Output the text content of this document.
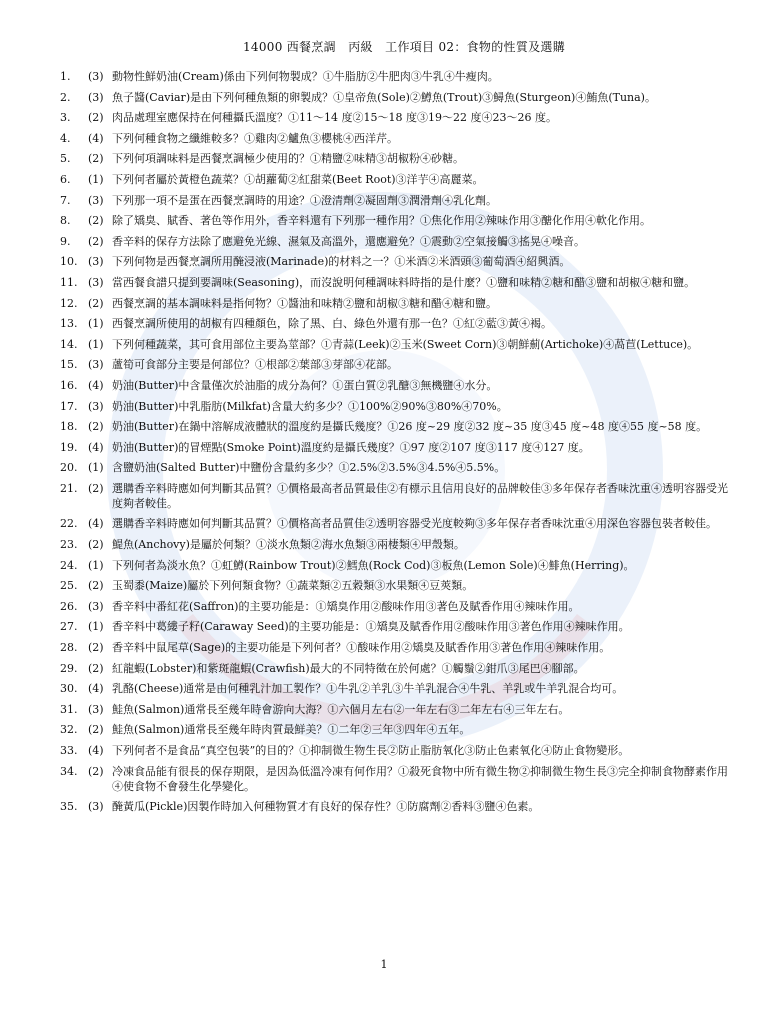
14000 西餐烹調　丙級　工作項目 02：食物的性質及選購
1.	(3) 動物性鮮奶油(Cream)係由下列何物製成？①牛脂肪②牛肥肉③牛乳④牛瘦肉。
2.	(3) 魚子醬(Caviar)是由下列何種魚類的卵製成？①皇帝魚(Sole)②鱒魚(Trout)③鱘魚(Sturgeon)④鮪魚(Tuna)。
3.	(2) 肉品處理室應保持在何種攝氏溫度？①11～14 度②15～18 度③19～22 度④23～26 度。
4.	(4) 下列何種食物之纖維較多？①雞肉②鱸魚③櫻桃④西洋芹。
5.	(2) 下列何項調味料是西餐烹調極少使用的？①精鹽②味精③胡椒粉④砂糖。
6.	(1) 下列何者屬於黃橙色蔬菜？①胡蘿蔔②紅甜菜(Beet Root)③洋芋④高麗菜。
7.	(3) 下列那一項不是蛋在西餐烹調時的用途？①澄清劑②凝固劑③潤滑劑④乳化劑。
8.	(2) 除了矯臭、賦香、著色等作用外，香辛料還有下列那一種作用？①焦化作用②辣味作用③醣化作用④軟化作用。
9.	(2) 香辛料的保存方法除了應避免光線、濕氣及高溫外，還應避免？①震動②空氣接觸③搖晃④噪音。
10. (3) 下列何物是西餐烹調所用醃浸液(Marinade)的材料之一？①米酒②米酒頭③葡萄酒④紹興酒。
11. (3) 當西餐食譜只提到要調味(Seasoning)，而沒說明何種調味料時指的是什麼？①鹽和味精②糖和醋③鹽和胡椒④糖和鹽。
12. (2) 西餐烹調的基本調味料是指何物？①醬油和味精②鹽和胡椒③糖和醋④糖和鹽。
13. (1) 西餐烹調所使用的胡椒有四種顏色，除了黑、白、綠色外還有那一色？①紅②藍③黃④褐。
14. (1) 下列何種蔬菜，其可食用部位主要為莖部？①青蒜(Leek)②玉米(Sweet Corn)③朝鮮薊(Artichoke)④萵苣(Lettuce)。
15. (3) 蘆筍可食部分主要是何部位？①根部②葉部③芽部④花部。
16. (4) 奶油(Butter)中含量僅次於油脂的成分為何？①蛋白質②乳醣③無機鹽④水分。
17. (3) 奶油(Butter)中乳脂肪(Milkfat)含量大約多少？①100%②90%③80%④70%。
18. (2) 奶油(Butter)在鍋中溶解成液體狀的溫度約是攝氏幾度？①26 度~29 度②32 度~35 度③45 度~48 度④55 度~58 度。
19. (4) 奶油(Butter)的冒煙點(Smoke Point)溫度約是攝氏幾度？①97 度②107 度③117 度④127 度。
20. (1) 含鹽奶油(Salted Butter)中鹽份含量約多少？①2.5%②3.5%③4.5%④5.5%。
21. (2) 選購香辛料時應如何判斷其品質？①價格最高者品質最佳②有標示且信用良好的品牌較佳③多年保存者香味沈重④透明容器受光度夠者較佳。
22. (4) 選購香辛料時應如何判斷其品質？①價格高者品質佳②透明容器受光度較夠③多年保存者香味沈重④用深色容器包裝者較佳。
23. (2) 鯷魚(Anchovy)是屬於何類？①淡水魚類②海水魚類③兩棲類④甲殼類。
24. (1) 下列何者為淡水魚？①虹鱒(Rainbow Trout)②鱈魚(Rock Cod)③板魚(Lemon Sole)④鯡魚(Herring)。
25. (2) 玉蜀黍(Maize)屬於下列何類食物？①蔬菜類②五穀類③水果類④豆莢類。
26. (3) 香辛料中番紅花(Saffron)的主要功能是：①矯臭作用②酸味作用③著色及賦香作用④辣味作用。
27. (1) 香辛料中葛縷子籽(Caraway Seed)的主要功能是：①矯臭及賦香作用②酸味作用③著色作用④辣味作用。
28. (2) 香辛料中鼠尾草(Sage)的主要功能是下列何者？①酸味作用②矯臭及賦香作用③著色作用④辣味作用。
29. (2) 紅龍蝦(Lobster)和紫斑龍蝦(Crawfish)最大的不同特徵在於何處？①觸鬚②鉗爪③尾巴④腳部。
30. (4) 乳酪(Cheese)通常是由何種乳汁加工製作？①牛乳②羊乳③牛羊乳混合④牛乳、羊乳或牛羊乳混合均可。
31. (3) 鮭魚(Salmon)通常長至幾年時會游向大海？①六個月左右②一年左右③二年左右④三年左右。
32. (2) 鮭魚(Salmon)通常長至幾年時肉質最鮮美？①二年②三年③四年④五年。
33. (4) 下列何者不是食品“真空包裝”的目的？①抑制微生物生長②防止脂肪氧化③防止色素氧化④防止食物變形。
34. (2) 冷凍食品能有很長的保存期限，是因為低溫冷凍有何作用？①殺死食物中所有微生物②抑制微生物生長③完全抑制食物酵素作用④使食物不會發生化學變化。
35. (3) 醃黃瓜(Pickle)因製作時加入何種物質才有良好的保存性？①防腐劑②香料③鹽④色素。
1
